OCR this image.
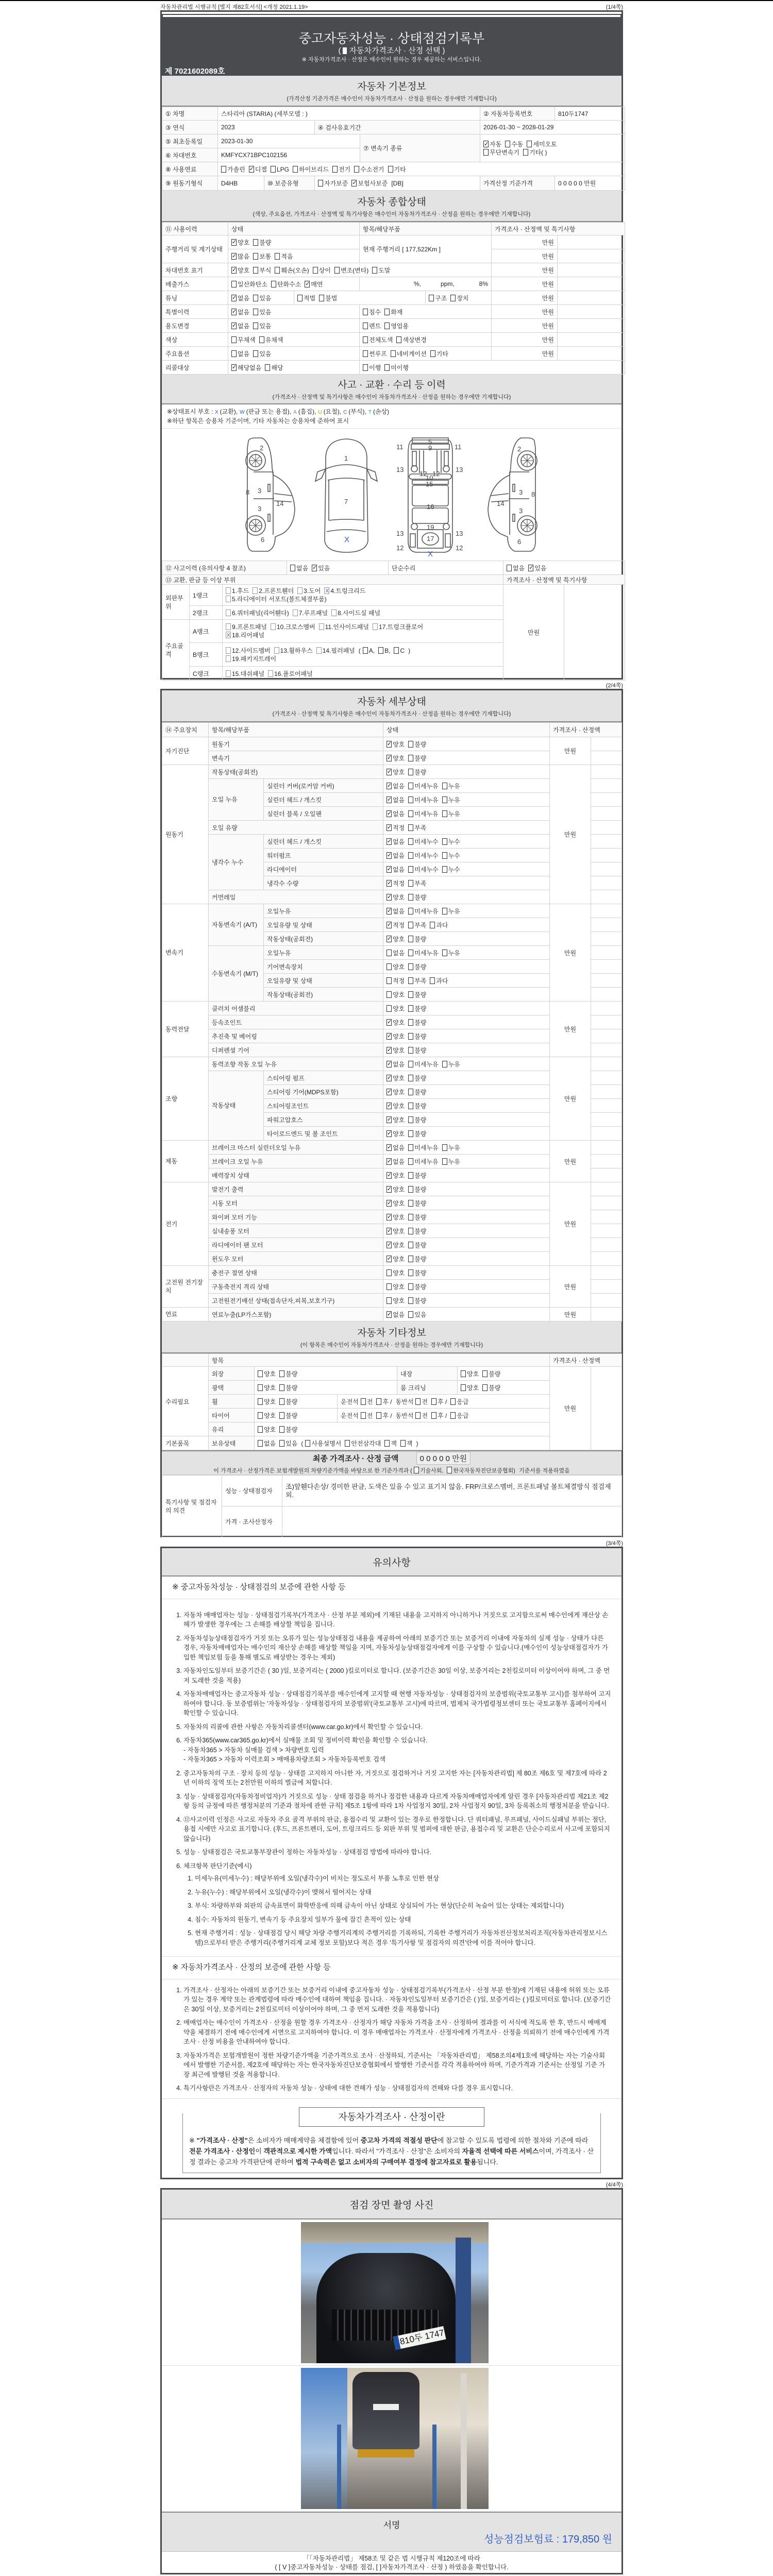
자동차관리법 시행규칙 [별지 제82호서식] <개정 2021.1.19>	(1/4쪽)
중고자동차성능 · 상태점검기록부
( 자동차가격조사 · 산정 선택 )
※ 자동차가격조사 · 산정은 매수인이 원하는 경우 제공하는 서비스입니다.
제 7021602089호
자동차 기본정보
(가격산정 기준가격은 매수인이 자동차가격조사 · 산정을 원하는 경우에만 기재합니다)
① 차명	스타리아 (STARIA) (세부모델 : )				② 자동차등록번호	810두1747
③ 연식	2023		④ 검사유효기간		2026-01-30 ~ 2028-01-29	
⑤ 최초등록일	2023-01-30			⑦ 변속기 종류	✓자동 수동 세미오토
무단변속기 기타( )
⑥ 차대번호	KMFYCX71BPC102156					
⑧ 사용연료	가솔린 ✓ 디젤 LPG 하이브리드 전기 수소전기 기타
⑨ 원동기형식	D4HB	⑩ 보증유형	자가보증 ✓ 보험사보증 [DB]		가격산정 기준가격	0 0 0 0 0 만원
자동차 종합상태
(색상, 주요옵션, 가격조사 · 산정액 및 특기사항은 매수인이 자동차가격조사 · 산정을 원하는 경우에만 기재합니다)
⑪ 사용이력	상태		항목/해당부품		가격조사 · 산정액 및 특기사항	
주행거리 및 계기상태	✓양호 불량		현재 주행거리 [ 177,522Km ]		만원	
✓많음 보통 적음				만원	
차대번호 표기	✓양호 부식 훼손(오손) 상이 변조(변타) 도말				만원	
배출가스	일산화탄소 탄화수소 ✓ 매연		%, ppm, 8%		만원	
튜닝	✓없음 있음	적법 불법		구조 장치	만원	
특별이력	✓없음 있음		침수 화재		만원	
용도변경	✓없음 있음		렌트 영업용		만원	
색상	무채색 유채색		전체도색 색상변경		만원	
주요옵션	없음 있음		썬루프 네비게이션 기타		만원	
리콜대상	✓해당없음 해당		이행 미이행			
사고 · 교환 · 수리 등 이력
(가격조사 · 산정액 및 특기사항은 매수인이 자동차가격조사 · 산정을 원하는 경우에만 기재합니다)
※상태표시 부호 : X (교환), W (판금 또는 용접), A (흠집), U (요철), C (부식), T (손상)
※하단 항목은 승용차 기준이며, 기타 자동차는 승용차에 준하여 표시
2
8 3
14
3
6
1
7
5
9
11	11
13	13
12 12
10
15
16
13	13
19
17
12	12
2
8
3
14
3
6
X
X
⑫ 사고이력 (유의사항 4 참조)			없음 ✓ 있음	단순수리	없음 ✓ 있음
⑬ 교환, 판금 등 이상 부위					가격조사 · 산정액 및 특기사항	
외판부위	1랭크	1.후드 2.프론트휀더 3.도어 X 4.트렁크리드
5.라디에이터 서포트(볼트체결부품)			만원	
	2랭크	6.쿼터패널(리어휀다) 7.루프패널 8.사이드실 패널				
주요골격	A랭크	9.프론트패널 10.크로스멤버 11.인사이드패널 17.트렁크플로어

X 18.리어패널				
	B랭크	12.사이드멤버 13.휠하우스 14.필러패널 ( A, B, C )
19.패키지트레이				
	C랭크	15.대쉬패널 16.플로어패널				
(2/4쪽)
자동차 세부상태
(가격조사 · 산정액 및 특기사항은 매수인이 자동차가격조사 · 산정을 원하는 경우에만 기재합니다)
⑭ 주요장치	항목/해당부품		상태	가격조사 · 산정액	
자기진단	원동기	✓양호 불량	만원	
	변속기	✓양호 불량	
원동기	작동상태(공회전)	✓양호 불량	만원	
	오일 누유	실린더 커버(로커암 커버)	✓없음 미세누유 누유	
		실린더 헤드 / 개스킷	✓없음 미세누유 누유	
		실린더 블록 / 오일팬	✓없음 미세누유 누유	
	오일 유량	✓적정 부족	
	냉각수 누수	실린더 헤드 / 개스킷	✓없음 미세누수 누수	
		워터펌프	✓없음 미세누수 누수	
		라디에이터	✓없음 미세누수 누수	
		냉각수 수량	✓적정 부족	
	커먼레일	✓양호 불량	
변속기	자동변속기 (A/T)	오일누유	✓없음 미세누유 누유	만원	
		오일유량 및 상태	✓적정 부족 과다	
		작동상태(공회전)	✓양호 불량	
	수동변속기 (M/T)	오일누유	없음 미세누유 누유		
		기어변속장치	양호 불량		
		오일유량 및 상태	적정 부족 과다		
		작동상태(공회전)	양호 불량		
동력전달	클러치 어셈블리		양호 불량	만원	
	등속조인트	✓양호 불량	
	추진축 및 베어링	✓양호 불량	
	디퍼렌셜 기어	✓양호 불량	
조향	동력조향 작동 오일 누유	✓없음 미세누유 누유	만원	
	작동상태	스티어링 펌프	✓양호 불량	
		스티어링 기어(MDPS포함)	✓양호 불량	
		스티어링조인트	✓양호 불량	
		파워고압호스	✓양호 불량	
		타이로드엔드 및 볼 조인트	✓양호 불량	
제동	브레이크 마스터 실린더오일 누유	✓없음 미세누유 누유	만원	
	브레이크 오일 누유	✓없음 미세누유 누유	
	배력장치 상태	✓양호 불량	
전기	발전기 출력	✓양호 불량	만원	
	시동 모터	✓양호 불량	
	와이퍼 모터 기능	✓양호 불량	
	실내송풍 모터	✓양호 불량	
	라디에이터 팬 모터	✓양호 불량	
	윈도우 모터	✓양호 불량	
고전원 전기장치	충전구 절연 상태		양호 불량	만원	
	구동축전지 격리 상태		양호 불량		
	고전원전기배선 상태(접속단자,피복,보호기구)		양호 불량		
연료	연료누출(LP가스포함)	✓없음 있음	만원	
자동차 기타정보
(이 항목은 매수인이 자동차가격조사 · 산정을 원하는 경우에만 기재합니다)
	항목					가격조사 · 산정액	
수리필요	외장	양호 불량		내장	양호 불량	만원	
	광택	양호 불량		룸 크리닝	양호 불량		
	휠	양호 불량	운전석 전 후 / 동반석 전 후 / 응급				
	타이어	양호 불량	운전석 전 후 / 동반석 전 후 / 응급				
	유리	양호 불량					
기본품목	보유상태	없음 있음 ( 사용설명서 안전삼각대 잭 잭 )					
최종 가격조사 · 산정 금액	0 0 0 0 0 만원
이 가격조사 · 산정가격은 보험개발원의 차량기준가액을 바탕으로 한 기준가격과 ( 기술사회, 한국자동차진단보증협회) 기준서를 적용하였음
특기사항 및 점검자의 의견	성능 · 상태점검자	조)앞휀다손상/ 경미한 판금, 도색은 있을 수 있고 표기치 않음. FRP/크로스멤버, 프론트패널 볼트체결방식 점검제외.
	가격 · 조사산정자	
(3/4쪽)
유의사항
※ 중고자동차성능 · 상태점검의 보증에 관한 사항 등
1. 자동차 매매업자는 성능 · 상태점검기록부(가격조사 · 산정 부분 제외)에 기재된 내용을 고지하지 아니하거나 거짓으로 고지함으로써 매수인에게 재산상 손해가 발생한 경우에는 그 손해를 배상할 책임을 집니다.
2. 자동차성능상태점검자가 거짓 또는 오류가 있는 성능상태점검 내용을 제공하여 아래의 보증기간 또는 보증거리 이내에 자동차의 실제 성능 · 상태가 다른 경우, 자동차매매업자는 매수인의 재산상 손해를 배상할 책임을 지며, 자동차성능상태점검자에게 이를 구상할 수 있습니다.(매수인이 성능상태점검자가 가입한 책임보험 등을 통해 별도로 배상받는 경우는 제외)
3. 자동차인도일부터 보증기간은 ( 30 )일, 보증거리는 ( 2000 )킬로미터로 합니다. (보증기간은 30일 이상, 보증거리는 2천킬로미터 이상이어야 하며, 그 중 먼저 도래한 것을 적용)
4. 자동차매매업자는 중고자동차 성능 · 상태점검기록부를 매수인에게 고지할 때 현행 자동차성능 · 상태점검자의 보증범위(국토교통부 고시)를 첨부하여 고지하여야 합니다. 동 보증범위는 '자동차성능 · 상태점검자의 보증범위'(국토교통부 고시)에 따르며, 법제처 국가법령정보센터 또는 국토교통부 홈페이지에서 확인할 수 있습니다.
5. 자동차의 리콜에 관한 사항은 자동차리콜센터(www.car.go.kr)에서 확인할 수 있습니다.
6. 자동차365(www.car365.go.kr)에서 실매물 조회 및 정비이력 확인을 확인할 수 있습니다.
- 자동차365 > 자동차 실매물 검색 > 차량번호 입력
- 자동차365 > 자동차 이력조회 > 매매용차량조회 > 자동차등록번호 검색
2. 중고자동차의 구조 · 장치 등의 성능 · 상태를 고지하지 아니한 자, 거짓으로 점검하거나 거짓 고지한 자는 [자동차관리법] 제 80조 제6호 및 제7호에 따라 2년 이하의 징역 또는 2천만원 이하의 벌금에 처합니다.
3. 성능 · 상태점검자(자동차정비업자)가 거짓으로 성능 · 상태 점검을 하거나 점검한 내용과 다르게 자동차매매업자에게 알린 경우 [자동차관리법 제21조 제2항 등의 규정에 따른 행정처분의 기준과 절차에 관한 규칙] 제5조 1항에 따라 1차 사업정지 30일, 2차 사업정지 90일, 3차 등록취소의 행정처분을 받습니다.
4. ⑫사고이력 인정은 사고로 자동차 주요 골격 부위의 판금, 용접수리 및 교환이 있는 경우로 한정합니다. 단 쿼터패널, 루프패널, 사이드실패널 부위는 절단, 용접 시에만 사고로 표기합니다. (후드, 프론트펜더, 도어, 트렁크리드 등 외판 부위 및 범퍼에 대한 판금, 용접수리 및 교환은 단순수리로서 사고에 포함되지 않습니다)
5. 성능 · 상태점검은 국토교통부장관이 정하는 자동차성능 · 상태점검 방법에 따라야 합니다.
6. 체크항목 판단기준(예시)
1. 미세누유(미세누수) : 해당부위에 오일(냉각수)이 비치는 정도로서 부품 노후로 인한 현상
2. 누유(누수) : 해당부위에서 오일(냉각수)이 맺혀서 떨어지는 상태
3. 부식: 차량하부와 외판의 금속표면이 화학반응에 의해 금속이 아닌 상태로 상실되어 가는 현상(단순히 녹슬어 있는 상태는 제외합니다)
4. 침수: 자동차의 원동기, 변속기 등 주요장치 일부가 물에 잠긴 흔적이 있는 상태
5. 현재 주행거리 : 성능 · 상태점검 당시 해당 차량 주행거리계의 주행거리를 기록하되, 기록한 주행거리가 자동차전산정보처리조직(자동차관리정보시스템)으로부터 받은 주행거리(주행거리계 교체 정보 포함)보다 적은 경우 '특기사항 및 점검자의 의견'란에 이를 적어야 합니다.
※ 자동차가격조사 · 산정의 보증에 관한 사항 등
1. 가격조사 · 산정자는 아래의 보증기간 또는 보증거리 이내에 중고자동차 성능 · 상태점검기록부(가격조사 · 산정 부분 한정)에 기재된 내용에 허위 또는 오류가 있는 경우 계약 또는 관계법령에 따라 매수인에 대하여 책임을 집니다. · 자동차인도일부터 보증기간은 ( )일, 보증거리는 ( )킬로미터로 합니다. (보증기간은 30일 이상, 보증거리는 2천킬로미터 이상이어야 하며, 그 중 먼저 도래한 것을 적용합니다)
2. 매매업자는 매수인이 가격조사 · 산정을 원할 경우 가격조사 · 산정자가 해당 자동차 가격을 조사 · 산정하여 결과를 이 서식에 적도록 한 후, 반드시 매매계약을 체결하기 전에 매수인에게 서면으로 고지하여야 합니다. 이 경우 매매업자는 가격조사 · 산정자에게 가격조사 · 산정을 의뢰하기 전에 매수인에게 가격조사 · 산정 비용을 안내하여야 합니다.
3. 자동차가격은 보험개발원이 정한 차량기준가액을 기준가격으로 조사 · 산정하되, 기준서는 「자동차관리법」 제58조의4제1호에 해당하는 자는 기술사회에서 발행한 기준서를, 제2호에 해당하는 자는 한국자동차진단보증협회에서 발행한 기준서를 각각 적용하여야 하며, 기준가격과 기준서는 산정일 기준 가장 최근에 발행된 것을 적용합니다.
4. 특기사항란은 가격조사 · 산정자의 자동차 성능 · 상태에 대한 견해가 성능 · 상태점검자의 견해와 다를 경우 표시합니다.
자동차가격조사 · 산정이란
※ "가격조사 · 산정"은 소비자가 매매계약을 체결함에 있어 중고차 가격의 적절성 판단에 참고할 수 있도록 법령에 의한 절차와 기준에 따라 전문 가격조사 · 산정인이 객관적으로 제시한 가액입니다. 따라서 "가격조사 · 산정"은 소비자의 자율적 선택에 따른 서비스이며, 가격조사 · 산정 결과는 중고차 가격판단에 관하여 법적 구속력은 없고 소비자의 구매여부 결정에 참고자료로 활용됩니다.
(4/4쪽)
점검 장면 촬영 사진
810두 1747
서명
성능점검보험료 : 179,850 원
「「자동차관리법」 제58조 및 같은 법 시행규칙 제120조에 따라
( [ V ]중고자동차성능 · 상태를 점검, [ ]자동차가격조사 · 산정 ) 하였음을 확인합니다.
